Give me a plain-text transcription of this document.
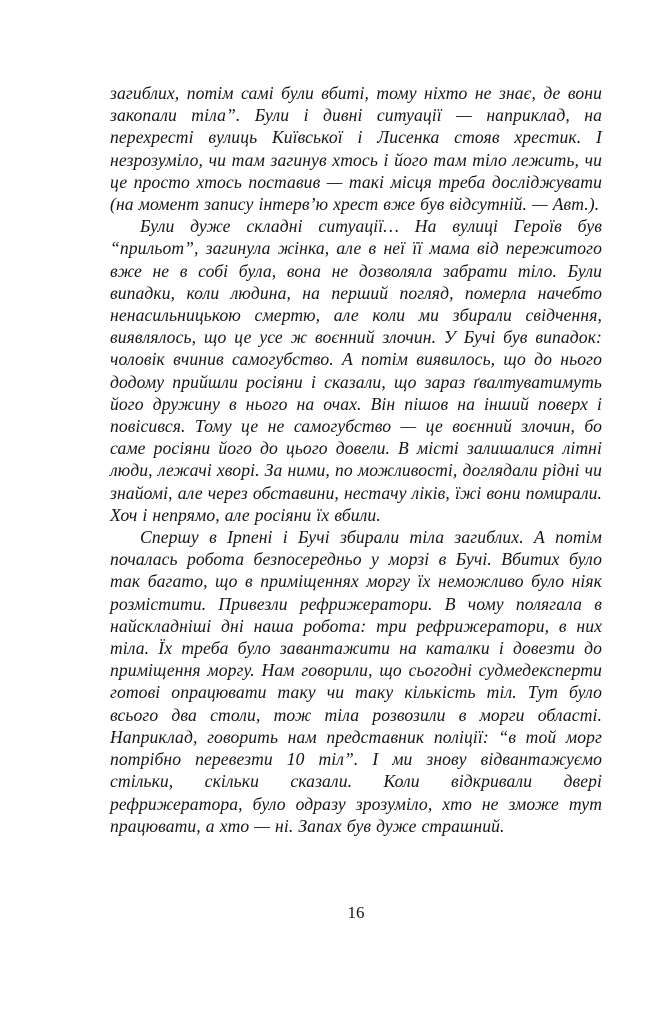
загиблих, потім самі були вбиті, тому ніхто не знає, де вони закопали тіла”. Були і дивні ситуації — наприклад, на перехресті вулиць Київської і Лисенка стояв хрестик. І незрозуміло, чи там загинув хтось і його там тіло лежить, чи це просто хтось поставив — такі місця треба досліджувати (на момент запису інтерв’ю хрест вже був відсутній. — Авт.).

Були дуже складні ситуації… На вулиці Героїв був “прильот”, загинула жінка, але в неї її мама від пережитого вже не в собі була, вона не дозволяла забрати тіло. Були випадки, коли людина, на перший погляд, померла начебто ненасильницькою смертю, але коли ми збирали свідчення, виявлялось, що це усе ж воєнний злочин. У Бучі був випадок: чоловік вчинив самогубство. А потім виявилось, що до нього додому прийшли росіяни і сказали, що зараз ґвалтуватимуть його дружину в нього на очах. Він пішов на інший поверх і повісився. Тому це не самогубство — це воєнний злочин, бо саме росіяни його до цього довели. В місті залишалися літні люди, лежачі хворі. За ними, по можливості, доглядали рідні чи знайомі, але через обставини, нестачу ліків, їжі вони помирали. Хоч і непрямо, але росіяни їх вбили.

Спершу в Ірпені і Бучі збирали тіла загиблих. А потім почалась робота безпосередньо у морзі в Бучі. Вбитих було так багато, що в приміщеннях моргу їх неможливо було ніяк розмістити. Привезли рефрижератори. В чому полягала в найскладніші дні наша робота: три рефрижератори, в них тіла. Їх треба було завантажити на каталки і довезти до приміщення моргу. Нам говорили, що сьогодні судмедексперти готові опрацювати таку чи таку кількість тіл. Тут було всього два столи, тож тіла розвозили в морги області. Наприклад, говорить нам представник поліції: “в той морг потрібно перевезти 10 тіл”. І ми знову відвантажуємо стільки, скільки сказали. Коли відкривали двері рефрижератора, було одразу зрозуміло, хто не зможе тут працювати, а хто — ні. Запах був дуже страшний.

16
